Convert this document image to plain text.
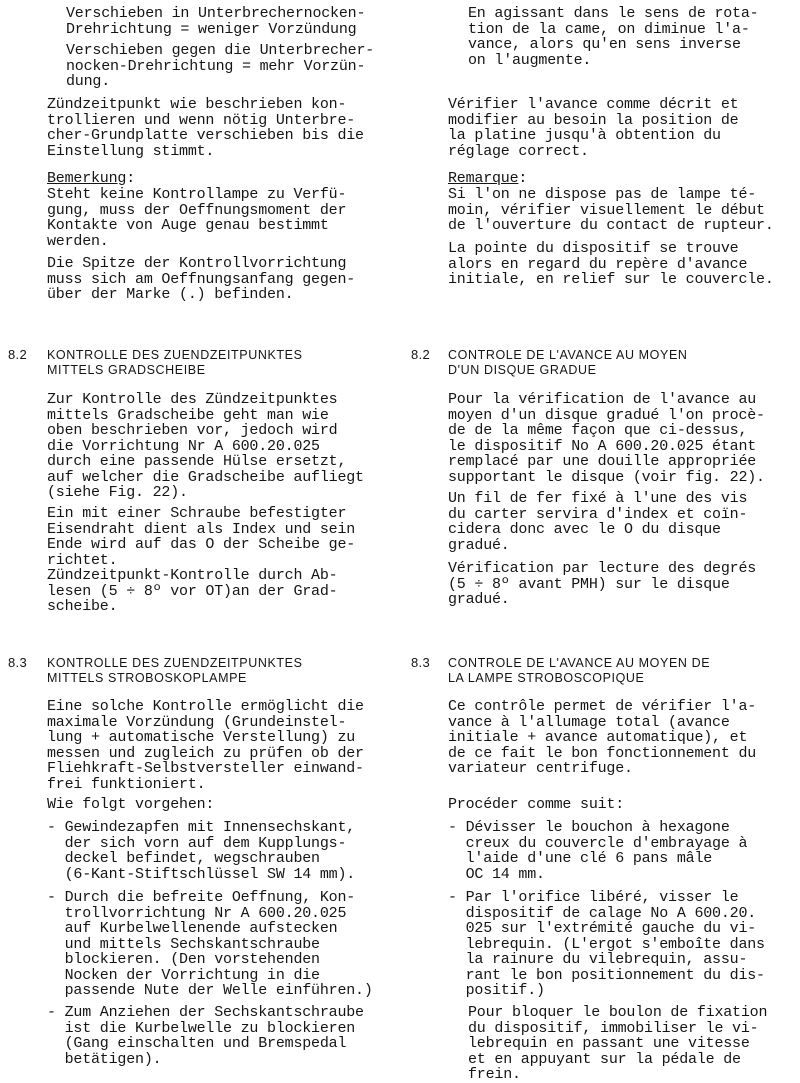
Verschieben in Unterbrechernocken-
Drehrichtung = weniger Vorzündung
Verschieben gegen die Unterbrecher-
nocken-Drehrichtung = mehr Vorzün-
dung.
Zündzeitpunkt wie beschrieben kon-
trollieren und wenn nötig Unterbre-
cher-Grundplatte verschieben bis die
Einstellung stimmt.
Bemerkung:
Steht keine Kontrollampe zu Verfü-
gung, muss der Oeffnungsmoment der
Kontakte von Auge genau bestimmt
werden.
Die Spitze der Kontrollvorrichtung
muss sich am Oeffnungsanfang gegen-
über der Marke (.) befinden.
8.2 KONTROLLE DES ZUENDZEITPUNKTES
MITTELS GRADSCHEIBE
Zur Kontrolle des Zündzeitpunktes
mittels Gradscheibe geht man wie
oben beschrieben vor, jedoch wird
die Vorrichtung Nr A 600.20.025
durch eine passende Hülse ersetzt,
auf welcher die Gradscheibe aufliegt
(siehe Fig. 22).
Ein mit einer Schraube befestigter
Eisendraht dient als Index und sein
Ende wird auf das O der Scheibe ge-
richtet.
Zündzeitpunkt-Kontrolle durch Ab-
lesen (5 ÷ 8º vor OT)an der Grad-
scheibe.
8.3 KONTROLLE DES ZUENDZEITPUNKTES
MITTELS STROBOSKOPLAMPE
Eine solche Kontrolle ermöglicht die
maximale Vorzündung (Grundeinstel-
lung + automatische Verstellung) zu
messen und zugleich zu prüfen ob der
Fliehkraft-Selbstversteller einwand-
frei funktioniert.
Wie folgt vorgehen:
- Gewindezapfen mit Innensechskant,
der sich vorn auf dem Kupplungs-
deckel befindet, wegschrauben
(6-Kant-Stiftschlüssel SW 14 mm).
- Durch die befreite Oeffnung, Kon-
trollvorrichtung Nr A 600.20.025
auf Kurbelwellenende aufstecken
und mittels Sechskantschraube
blockieren. (Den vorstehenden
Nocken der Vorrichtung in die
passende Nute der Welle einführen.)
- Zum Anziehen der Sechskantschraube
ist die Kurbelwelle zu blockieren
(Gang einschalten und Bremspedal
betätigen).
En agissant dans le sens de rota-
tion de la came, on diminue l'a-
vance, alors qu'en sens inverse
on l'augmente.
Vérifier l'avance comme décrit et
modifier au besoin la position de
la platine jusqu'à obtention du
réglage correct.
Remarque:
Si l'on ne dispose pas de lampe té-
moin, vérifier visuellement le début
de l'ouverture du contact de rupteur.
La pointe du dispositif se trouve
alors en regard du repère d'avance
initiale, en relief sur le couvercle.
8.2 CONTROLE DE L'AVANCE AU MOYEN
D'UN DISQUE GRADUE
Pour la vérification de l'avance au
moyen d'un disque gradué l'on procè-
de de la même façon que ci-dessus,
le dispositif No A 600.20.025 étant
remplacé par une douille appropriée
supportant le disque (voir fig. 22).
Un fil de fer fixé à l'une des vis
du carter servira d'index et coïn-
cidera donc avec le O du disque
gradué.
Vérification par lecture des degrés
(5 ÷ 8º avant PMH) sur le disque
gradué.
8.3 CONTROLE DE L'AVANCE AU MOYEN DE
LA LAMPE STROBOSCOPIQUE
Ce contrôle permet de vérifier l'a-
vance à l'allumage total (avance
initiale + avance automatique), et
de ce fait le bon fonctionnement du
variateur centrifuge.
Procéder comme suit:
- Dévisser le bouchon à hexagone
creux du couvercle d'embrayage à
l'aide d'une clé 6 pans mâle
OC 14 mm.
- Par l'orifice libéré, visser le
dispositif de calage No A 600.20.
025 sur l'extrémité gauche du vi-
lebrequin. (L'ergot s'emboîte dans
la rainure du vilebrequin, assu-
rant le bon positionnement du dis-
positif.)
Pour bloquer le boulon de fixation
du dispositif, immobiliser le vi-
lebrequin en passant une vitesse
et en appuyant sur la pédale de
frein.
